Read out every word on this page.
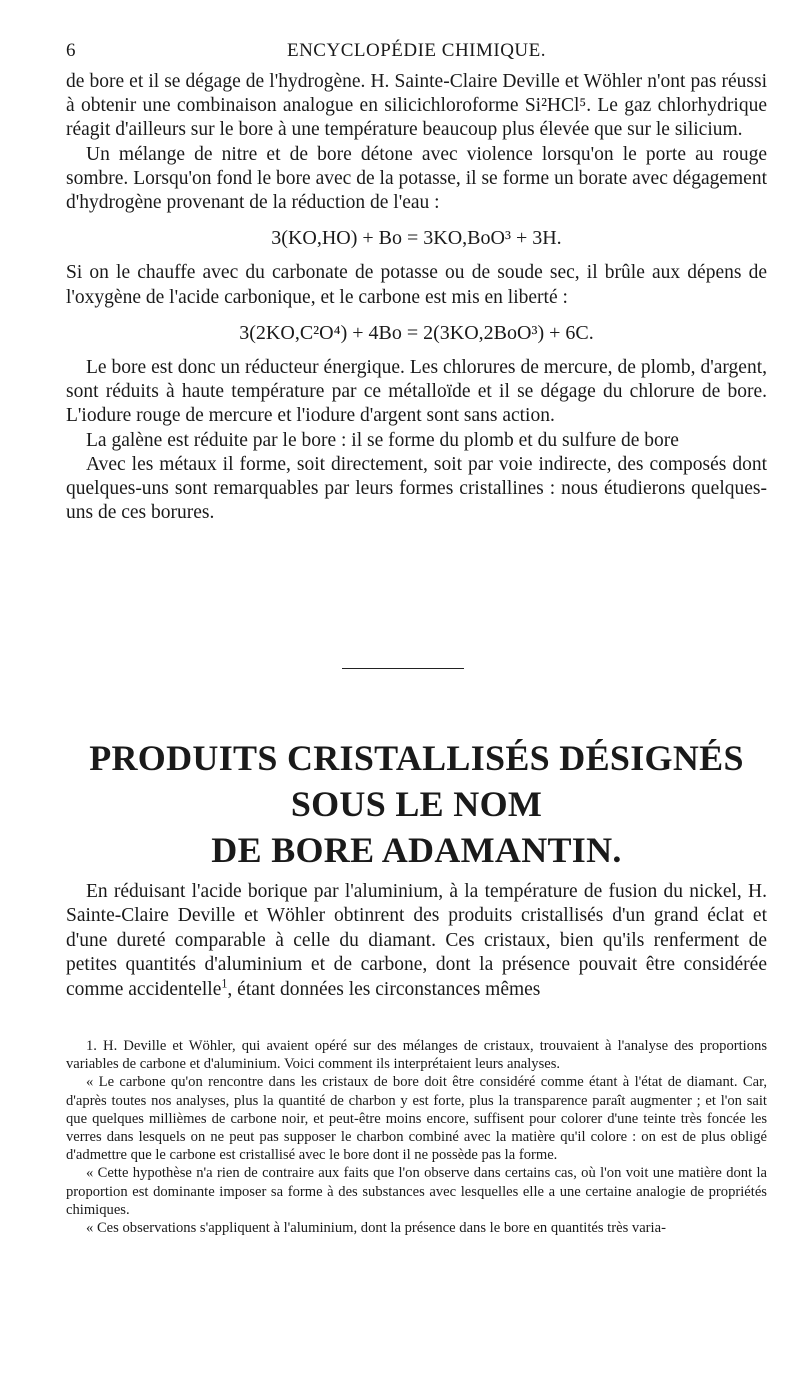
6	ENCYCLOPÉDIE CHIMIQUE.

de bore et il se dégage de l'hydrogène. H. Sainte-Claire Deville et Wöhler n'ont pas réussi à obtenir une combinaison analogue en silicichloroforme Si²HCl⁵. Le gaz chlorhydrique réagit d'ailleurs sur le bore à une température beaucoup plus élevée que sur le silicium.

Un mélange de nitre et de bore détone avec violence lorsqu'on le porte au rouge sombre. Lorsqu'on fond le bore avec de la potasse, il se forme un borate avec dégagement d'hydrogène provenant de la réduction de l'eau :

3(KO,HO) + Bo = 3KO,BoO³ + 3H.

Si on le chauffe avec du carbonate de potasse ou de soude sec, il brûle aux dépens de l'oxygène de l'acide carbonique, et le carbone est mis en liberté :

3(2KO,C²O⁴) + 4Bo = 2(3KO,2BoO³) + 6C.

Le bore est donc un réducteur énergique. Les chlorures de mercure, de plomb, d'argent, sont réduits à haute température par ce métalloïde et il se dégage du chlorure de bore. L'iodure rouge de mercure et l'iodure d'argent sont sans action.

La galène est réduite par le bore : il se forme du plomb et du sulfure de bore

Avec les métaux il forme, soit directement, soit par voie indirecte, des composés dont quelques-uns sont remarquables par leurs formes cristallines : nous étudierons quelques-uns de ces borures.

PRODUITS CRISTALLISÉS DÉSIGNÉS SOUS LE NOM
DE BORE ADAMANTIN.

En réduisant l'acide borique par l'aluminium, à la température de fusion du nickel, H. Sainte-Claire Deville et Wöhler obtinrent des produits cristallisés d'un grand éclat et d'une dureté comparable à celle du diamant. Ces cristaux, bien qu'ils renferment de petites quantités d'aluminium et de carbone, dont la présence pouvait être considérée comme accidentelle$^1$, étant données les circonstances mêmes

1. H. Deville et Wöhler, qui avaient opéré sur des mélanges de cristaux, trouvaient à l'analyse des proportions variables de carbone et d'aluminium. Voici comment ils interprétaient leurs analyses.

« Le carbone qu'on rencontre dans les cristaux de bore doit être considéré comme étant à l'état de diamant. Car, d'après toutes nos analyses, plus la quantité de charbon y est forte, plus la transparence paraît augmenter ; et l'on sait que quelques millièmes de carbone noir, et peut-être moins encore, suffisent pour colorer d'une teinte très foncée les verres dans lesquels on ne peut pas supposer le charbon combiné avec la matière qu'il colore : on est de plus obligé d'admettre que le carbone est cristallisé avec le bore dont il ne possède pas la forme.

« Cette hypothèse n'a rien de contraire aux faits que l'on observe dans certains cas, où l'on voit une matière dont la proportion est dominante imposer sa forme à des substances avec lesquelles elle a une certaine analogie de propriétés chimiques.

« Ces observations s'appliquent à l'aluminium, dont la présence dans le bore en quantités très varia-
